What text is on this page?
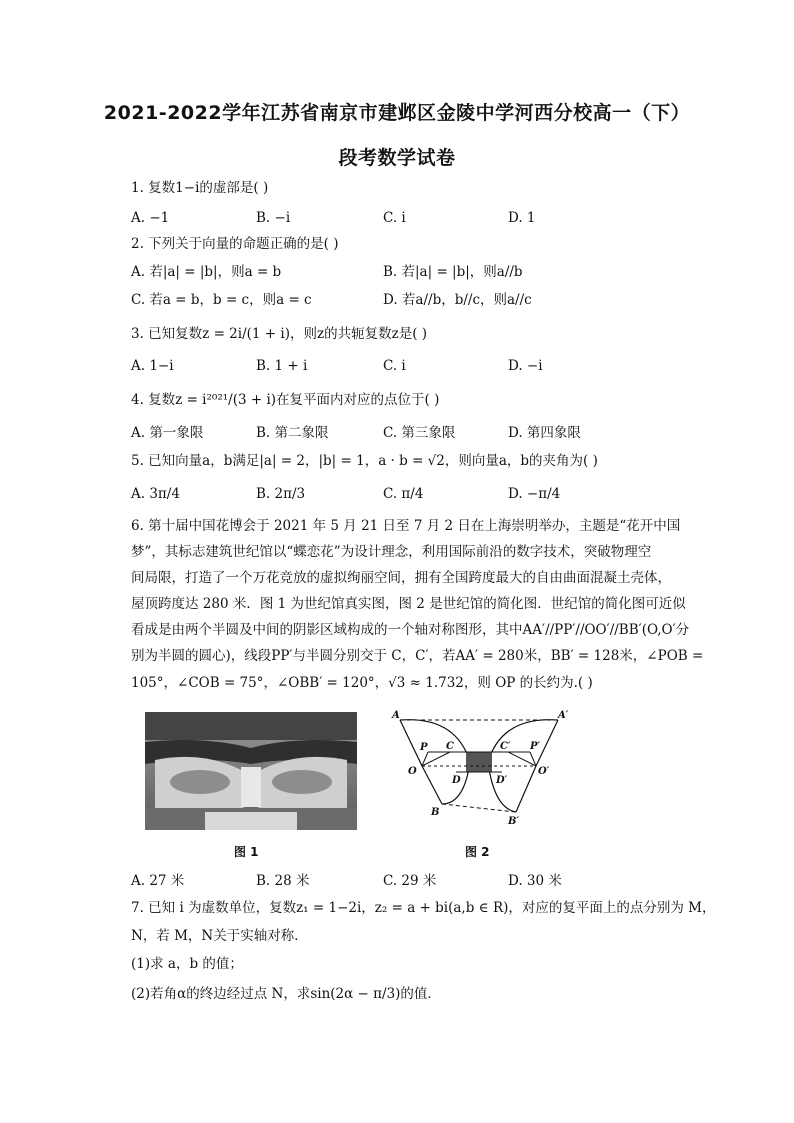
2021-2022学年江苏省南京市建邺区金陵中学河西分校高一（下）
段考数学试卷
1. 复数1−i的虚部是( )
A. −1	B. −i	C. i	D. 1
2. 下列关于向量的命题正确的是( )
A. 若|a| = |b|，则a = b	B. 若|a| = |b|，则a//b
C. 若a = b，b = c，则a = c	D. 若a//b，b//c，则a//c
3. 已知复数z = 2i/(1 + i)，则z的共轭复数z是( )
A. 1−i	B. 1 + i	C. i	D. −i
4. 复数z = i²⁰²¹/(3 + i)在复平面内对应的点位于( )
A. 第一象限	B. 第二象限	C. 第三象限	D. 第四象限
5. 已知向量a，b满足|a| = 2，|b| = 1，a · b = √2，则向量a，b的夹角为( )
A. 3π/4	B. 2π/3	C. π/4	D. −π/4
6. 第十届中国花博会于 2021 年 5 月 21 日至 7 月 2 日在上海崇明举办，主题是“花开中国
梦”，其标志建筑世纪馆以“蝶恋花”为设计理念，利用国际前沿的数字技术，突破物理空
间局限，打造了一个万花竞放的虚拟绚丽空间，拥有全国跨度最大的自由曲面混凝土壳体，
屋顶跨度达 280 米．图 1 为世纪馆真实图，图 2 是世纪馆的简化图．世纪馆的简化图可近似
看成是由两个半圆及中间的阴影区域构成的一个轴对称图形，其中AA′//PP′//OO′//BB′(O,O′分
别为半圆的圆心)，线段PP′与半圆分别交于 C，C′，若AA′ = 280米，BB′ = 128米，∠POB =
105°，∠COB = 75°，∠OBB′ = 120°，√3 ≈ 1.732，则 OP 的长约为.( )
图 1
A	A′
P C	C′ P′
O
D	D′
O′
B
B′
图 2
A. 27 米	B. 28 米	C. 29 米	D. 30 米
7. 已知 i 为虚数单位，复数z₁ = 1−2i，z₂ = a + bi(a,b ∈ R)，对应的复平面上的点分别为 M，
N，若 M，N关于实轴对称．
(1)求 a，b 的值；
(2)若角α的终边经过点 N，求sin(2α − π/3)的值．
